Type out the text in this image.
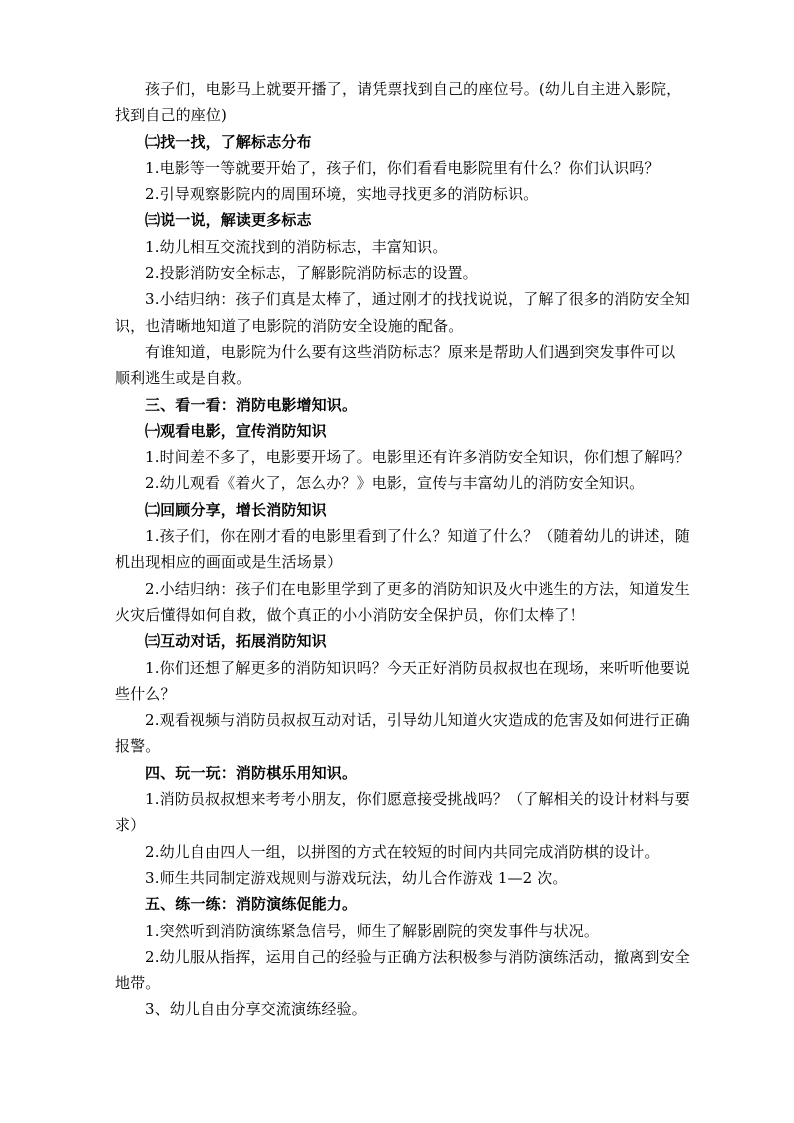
孩子们，电影马上就要开播了，请凭票找到自己的座位号。(幼儿自主进入影院，找到自己的座位)

㈡找一找，了解标志分布

1.电影等一等就要开始了，孩子们，你们看看电影院里有什么？你们认识吗？

2.引导观察影院内的周围环境，实地寻找更多的消防标识。

㈢说一说，解读更多标志

1.幼儿相互交流找到的消防标志，丰富知识。

2.投影消防安全标志，了解影院消防标志的设置。

3.小结归纳：孩子们真是太棒了，通过刚才的找找说说，了解了很多的消防安全知识，也清晰地知道了电影院的消防安全设施的配备。

有谁知道，电影院为什么要有这些消防标志？原来是帮助人们遇到突发事件可以顺利逃生或是自救。

三、看一看：消防电影增知识。

㈠观看电影，宣传消防知识

1.时间差不多了，电影要开场了。电影里还有许多消防安全知识，你们想了解吗？

2.幼儿观看《着火了，怎么办？》电影，宣传与丰富幼儿的消防安全知识。

㈡回顾分享，增长消防知识

1.孩子们，你在刚才看的电影里看到了什么？知道了什么？（随着幼儿的讲述，随机出现相应的画面或是生活场景）

2.小结归纳：孩子们在电影里学到了更多的消防知识及火中逃生的方法，知道发生火灾后懂得如何自救，做个真正的小小消防安全保护员，你们太棒了！

㈢互动对话，拓展消防知识

1.你们还想了解更多的消防知识吗？今天正好消防员叔叔也在现场，来听听他要说些什么？

2.观看视频与消防员叔叔互动对话，引导幼儿知道火灾造成的危害及如何进行正确报警。

四、玩一玩：消防棋乐用知识。

1.消防员叔叔想来考考小朋友，你们愿意接受挑战吗？（了解相关的设计材料与要求）

2.幼儿自由四人一组，以拼图的方式在较短的时间内共同完成消防棋的设计。

3.师生共同制定游戏规则与游戏玩法，幼儿合作游戏 1—2 次。

五、练一练：消防演练促能力。

1.突然听到消防演练紧急信号，师生了解影剧院的突发事件与状况。

2.幼儿服从指挥，运用自己的经验与正确方法积极参与消防演练活动，撤离到安全地带。

3、幼儿自由分享交流演练经验。
